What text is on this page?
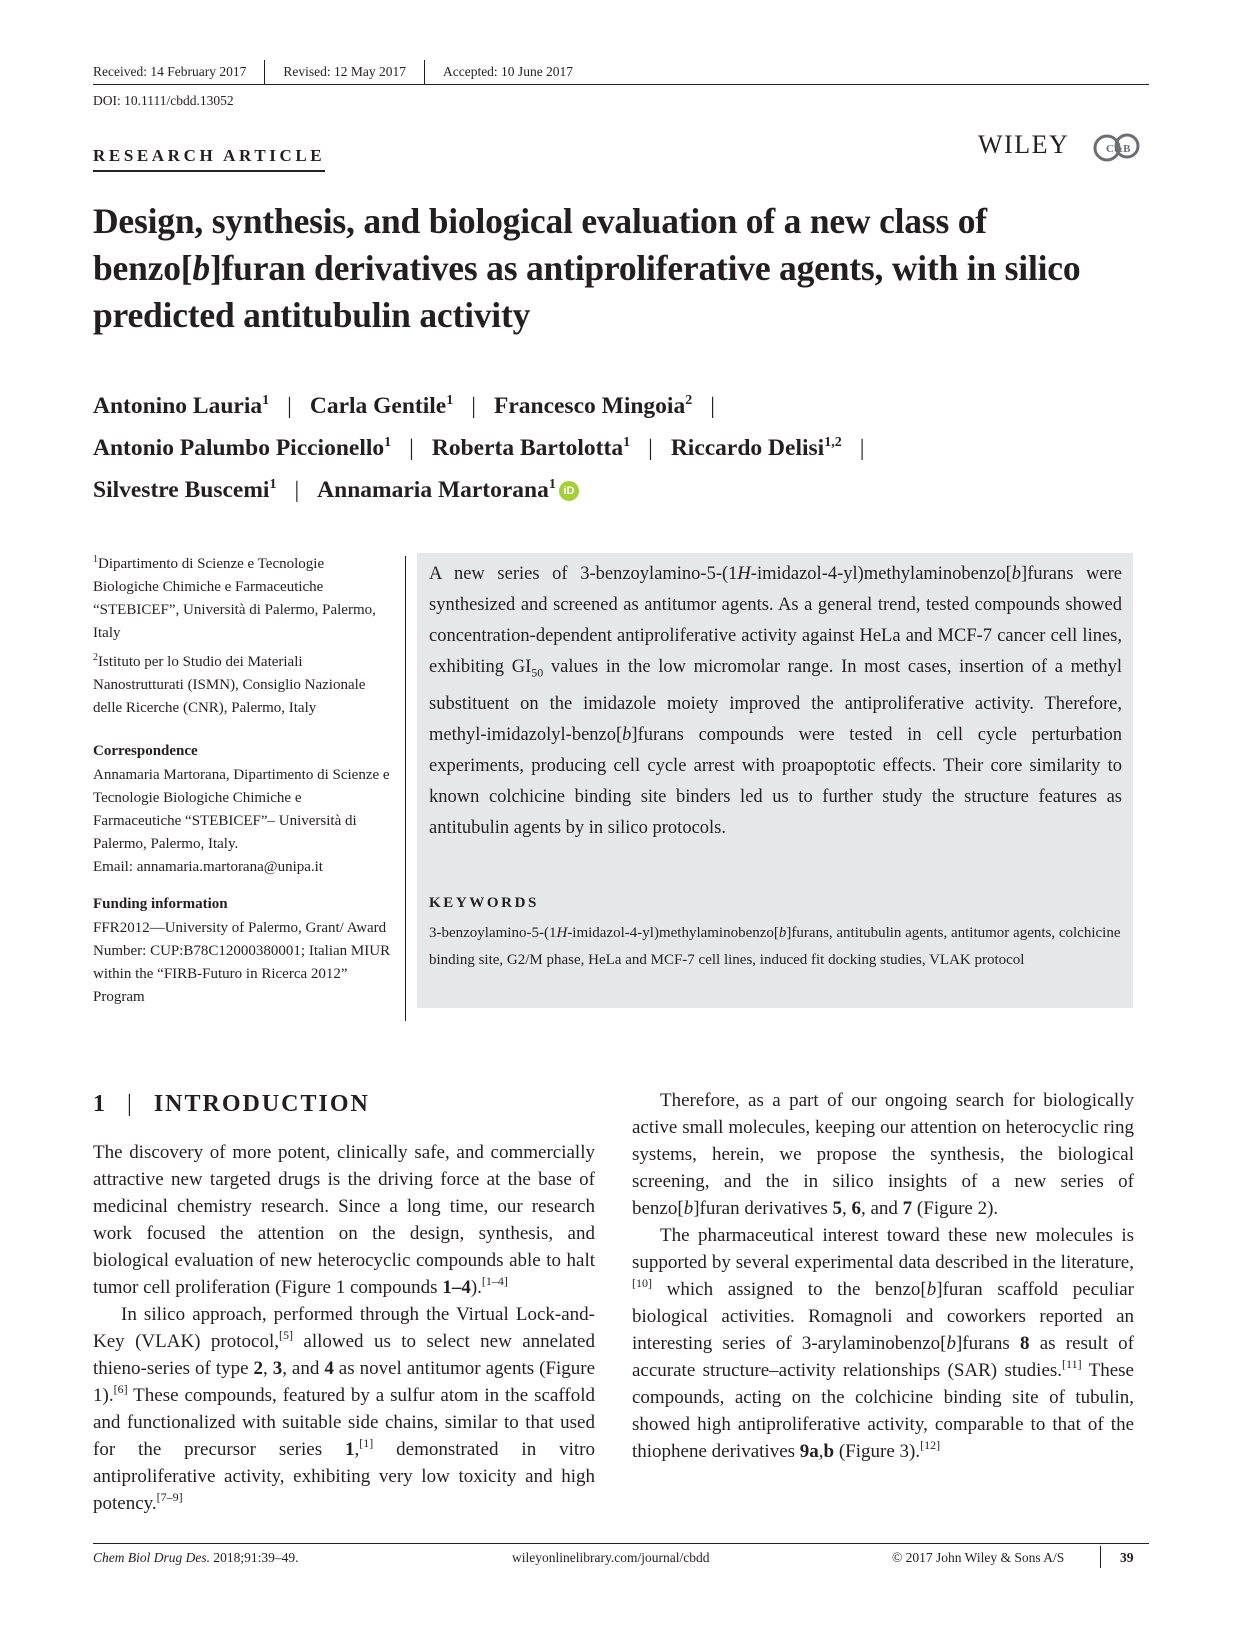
Received: 14 February 2017	Revised: 12 May 2017	Accepted: 10 June 2017
DOI: 10.1111/cbdd.13052
RESEARCH ARTICLE	WILEY	C&B
Design, synthesis, and biological evaluation of a new class of benzo[b]furan derivatives as antiproliferative agents, with in silico predicted antitubulin activity
Antonino Lauria$^1$ | Carla Gentile$^1$ | Francesco Mingoia$^2$ |
Antonio Palumbo Piccionello$^1$ | Roberta Bartolotta$^1$ | Riccardo Delisi$^{1,2}$ |
Silvestre Buscemi$^1$ | Annamaria Martorana$^1$ iD

$^1$Dipartimento di Scienze e Tecnologie Biologiche Chimiche e Farmaceutiche “STEBICEF”, Università di Palermo, Palermo, Italy

$^2$Istituto per lo Studio dei Materiali Nanostrutturati (ISMN), Consiglio Nazionale delle Ricerche (CNR), Palermo, Italy

Correspondence
Annamaria Martorana, Dipartimento di Scienze e Tecnologie Biologiche Chimiche e Farmaceutiche “STEBICEF”– Università di Palermo, Palermo, Italy.
Email: annamaria.martorana@unipa.it
Funding information
FFR2012—University of Palermo, Grant/ Award Number: CUP:B78C12000380001; Italian MIUR within the “FIRB-Futuro in Ricerca 2012” Program
A new series of 3-benzoylamino-5-(1H-imidazol-4-yl)methylaminobenzo[b]furans were synthesized and screened as antitumor agents. As a general trend, tested compounds showed concentration-dependent antiproliferative activity against HeLa and MCF-7 cancer cell lines, exhibiting $GI_{50}$ values in the low micromolar range. In most cases, insertion of a methyl substituent on the imidazole moiety improved the antiproliferative activity. Therefore, methyl-imidazolyl-benzo[b]furans compounds were tested in cell cycle perturbation experiments, producing cell cycle arrest with proapoptotic effects. Their core similarity to known colchicine binding site binders led us to further study the structure features as antitubulin agents by in silico protocols.
KEYWORDS
3-benzoylamino-5-(1H-imidazol-4-yl)methylaminobenzo[b]furans, antitubulin agents, antitumor agents, colchicine binding site, G2/M phase, HeLa and MCF-7 cell lines, induced fit docking studies, VLAK protocol
1 | INTRODUCTION

The discovery of more potent, clinically safe, and commercially attractive new targeted drugs is the driving force at the base of medicinal chemistry research. Since a long time, our research work focused the attention on the design, synthesis, and biological evaluation of new heterocyclic compounds able to halt tumor cell proliferation (Figure 1 compounds 1–4).[1–4]

In silico approach, performed through the Virtual Lock-and-Key (VLAK) protocol,[5] allowed us to select new annelated thieno-series of type 2, 3, and 4 as novel antitumor agents (Figure 1).[6] These compounds, featured by a sulfur atom in the scaffold and functionalized with suitable side chains, similar to that used for the precursor series 1,[1] demonstrated in vitro antiproliferative activity, exhibiting very low toxicity and high potency.[7–9]

Therefore, as a part of our ongoing search for biologically active small molecules, keeping our attention on heterocyclic ring systems, herein, we propose the synthesis, the biological screening, and the in silico insights of a new series of benzo[b]furan derivatives 5, 6, and 7 (Figure 2).

The pharmaceutical interest toward these new molecules is supported by several experimental data described in the literature,[10] which assigned to the benzo[b]furan scaffold peculiar biological activities. Romagnoli and coworkers reported an interesting series of 3-arylaminobenzo[b]furans 8 as result of accurate structure–activity relationships (SAR) studies.[11] These compounds, acting on the colchicine binding site of tubulin, showed high antiproliferative activity, comparable to that of the thiophene derivatives 9a,b (Figure 3).[12]

Chem Biol Drug Des. 2018;91:39–49.	wileyonlinelibrary.com/journal/cbdd	© 2017 John Wiley & Sons A/S	39
